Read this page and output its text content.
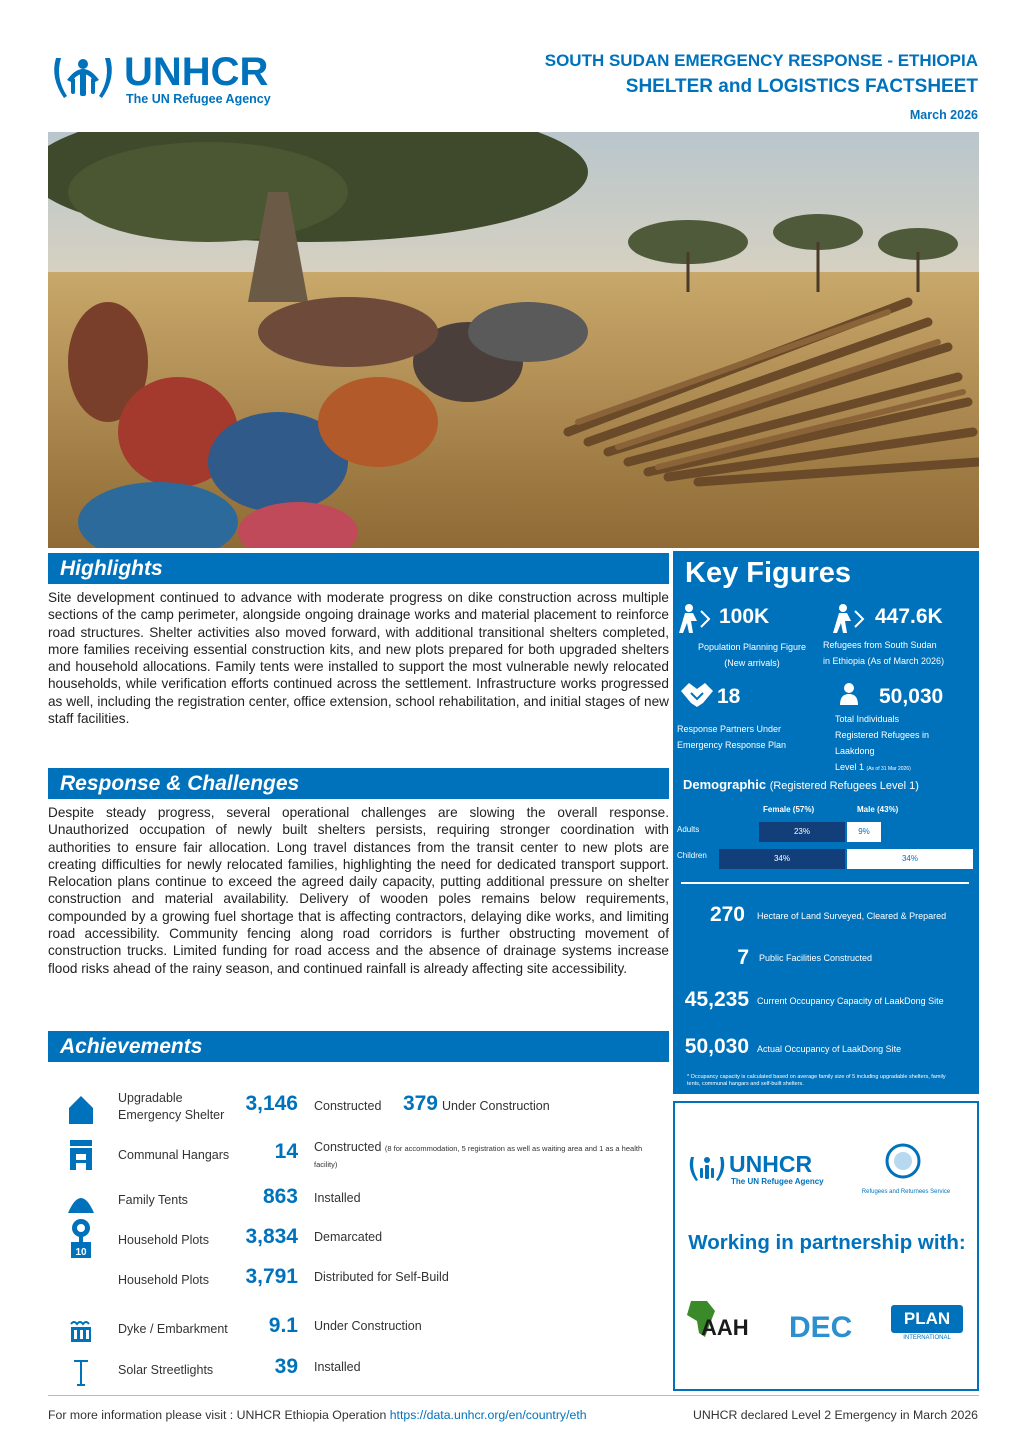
UNHCR
The UN Refugee Agency
SOUTH SUDAN EMERGENCY RESPONSE - ETHIOPIA
SHELTER and LOGISTICS FACTSHEET
March 2026
Highlights
Site development continued to advance with moderate progress on dike construction across multiple sections of the camp perimeter, alongside ongoing drainage works and material placement to reinforce road structures. Shelter activities also moved forward, with additional transitional shelters completed, more families receiving essential construction kits, and new plots prepared for both upgraded shelters and household allocations. Family tents were installed to support the most vulnerable newly relocated households, while verification efforts continued across the settlement. Infrastructure works progressed as well, including the registration center, office extension, school rehabilitation, and initial stages of new staff facilities.
Response & Challenges
Despite steady progress, several operational challenges are slowing the overall response. Unauthorized occupation of newly built shelters persists, requiring stronger coordination with authorities to ensure fair allocation. Long travel distances from the transit center to new plots are creating difficulties for newly relocated families, highlighting the need for dedicated transport support. Relocation plans continue to exceed the agreed daily capacity, putting additional pressure on shelter construction and material availability. Delivery of wooden poles remains below requirements, compounded by a growing fuel shortage that is affecting contractors, delaying dike works, and limiting road accessibility. Community fencing along road corridors is further obstructing movement of construction trucks. Limited funding for road access and the absence of drainage systems increase flood risks ahead of the rainy season, and continued rainfall is already affecting site accessibility.
Achievements
Upgradable Emergency Shelter	3,146 Constructed	379 Under Construction
Communal Hangars	14 Constructed (8 for accommodation, 5 registration as well as waiting area and 1 as a health facility)
Family Tents	863 Installed
10
Household Plots	3,834 Demarcated
Household Plots	3,791 Distributed for Self-Build
Dyke / Embarkment	9.1 Under Construction
Solar Streetlights	39 Installed
Key Figures
100K
Population Planning Figure
(New arrivals)
447.6K
Refugees from South Sudan
in Ethiopia (As of March 2026)
18
Response Partners Under
Emergency Response Plan
50,030
Total Individuals
Registered Refugees in
Laakdong
Level 1 (As of 31 Mar 2026)
Demographic (Registered Refugees Level 1)
Female (57%)	Male (43%)
Adults
Children
23%	9%
34%	34%
270 Hectare of Land Surveyed, Cleared & Prepared
7 Public Facilities Constructed
45,235 Current Occupancy Capacity of LaakDong Site
50,030 Actual Occupancy of LaakDong Site
* Occupancy capacity is calculated based on average family size of 5 including upgradable shelters, family tents, communal hangars and self-built shelters.
UNHCR
The UN Refugee Agency
Refugees and Returnees Service
Working in partnership with:
AAH DEC	PLAN
INTERNATIONAL
For more information please visit : UNHCR Ethiopia Operation https://data.unhcr.org/en/country/eth	UNHCR declared Level 2 Emergency in March 2026
